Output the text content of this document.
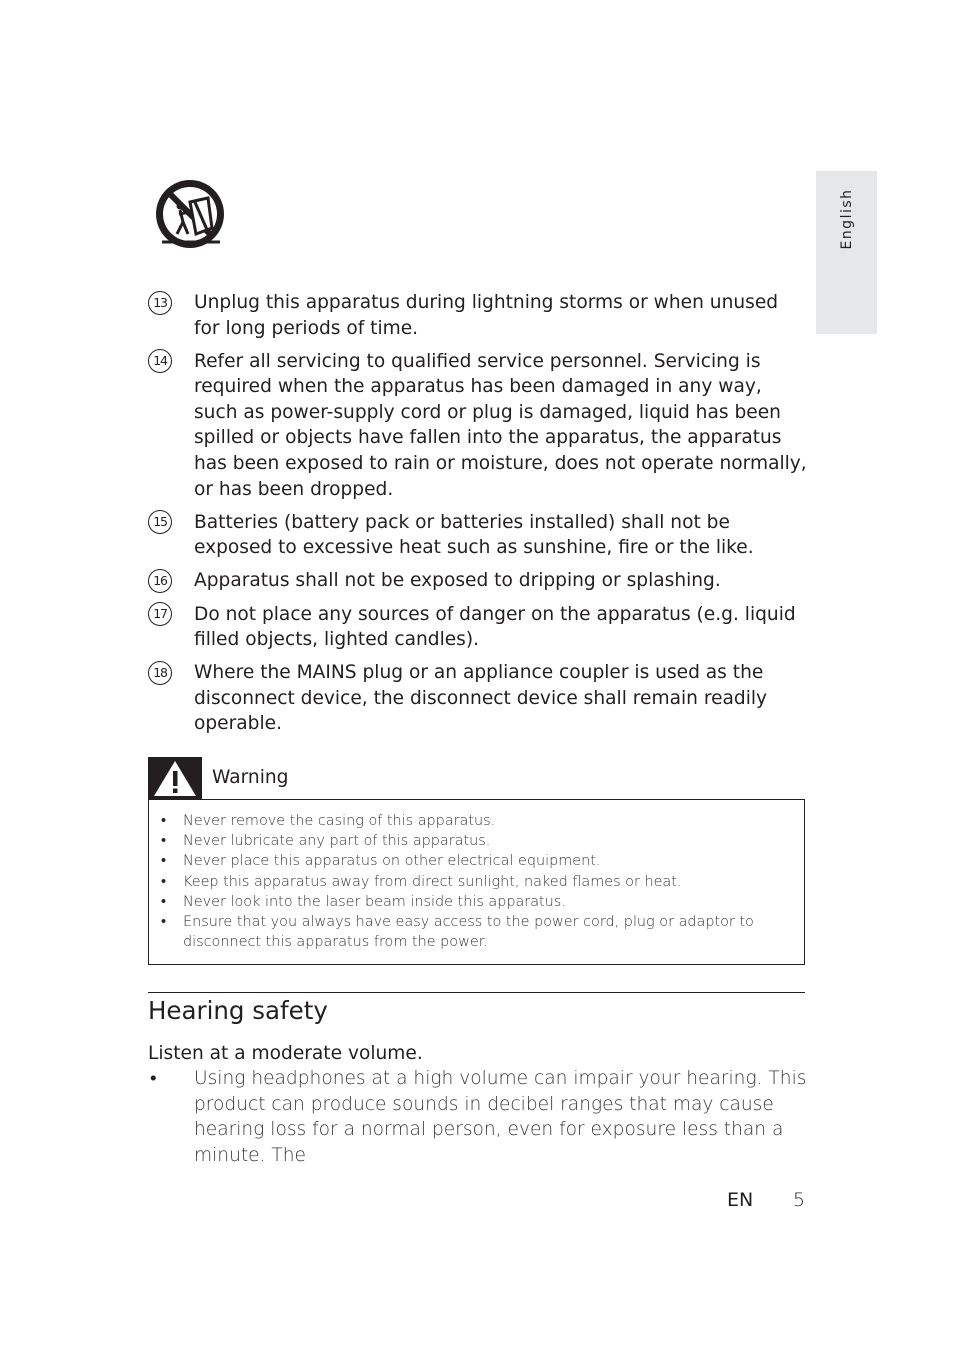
English
13 Unplug this apparatus during lightning storms or when unused for long periods of time.
14 Refer all servicing to qualified service personnel. Servicing is required when the apparatus has been damaged in any way, such as power-supply cord or plug is damaged, liquid has been spilled or objects have fallen into the apparatus, the apparatus has been exposed to rain or moisture, does not operate normally, or has been dropped.
15 Batteries (battery pack or batteries installed) shall not be exposed to excessive heat such as sunshine, fire or the like.
16 Apparatus shall not be exposed to dripping or splashing.
17 Do not place any sources of danger on the apparatus (e.g. liquid filled objects, lighted candles).
18 Where the MAINS plug or an appliance coupler is used as the disconnect device, the disconnect device shall remain readily operable.
Warning
• Never remove the casing of this apparatus.
• Never lubricate any part of this apparatus.
• Never place this apparatus on other electrical equipment.
• Keep this apparatus away from direct sunlight, naked flames or heat.
• Never look into the laser beam inside this apparatus.
• Ensure that you always have easy access to the power cord, plug or adaptor to disconnect this apparatus from the power.
Hearing safety
Listen at a moderate volume.
•	Using headphones at a high volume can impair your hearing. This product can produce sounds in decibel ranges that may cause hearing loss for a normal person, even for exposure less than a minute. The
EN 5
